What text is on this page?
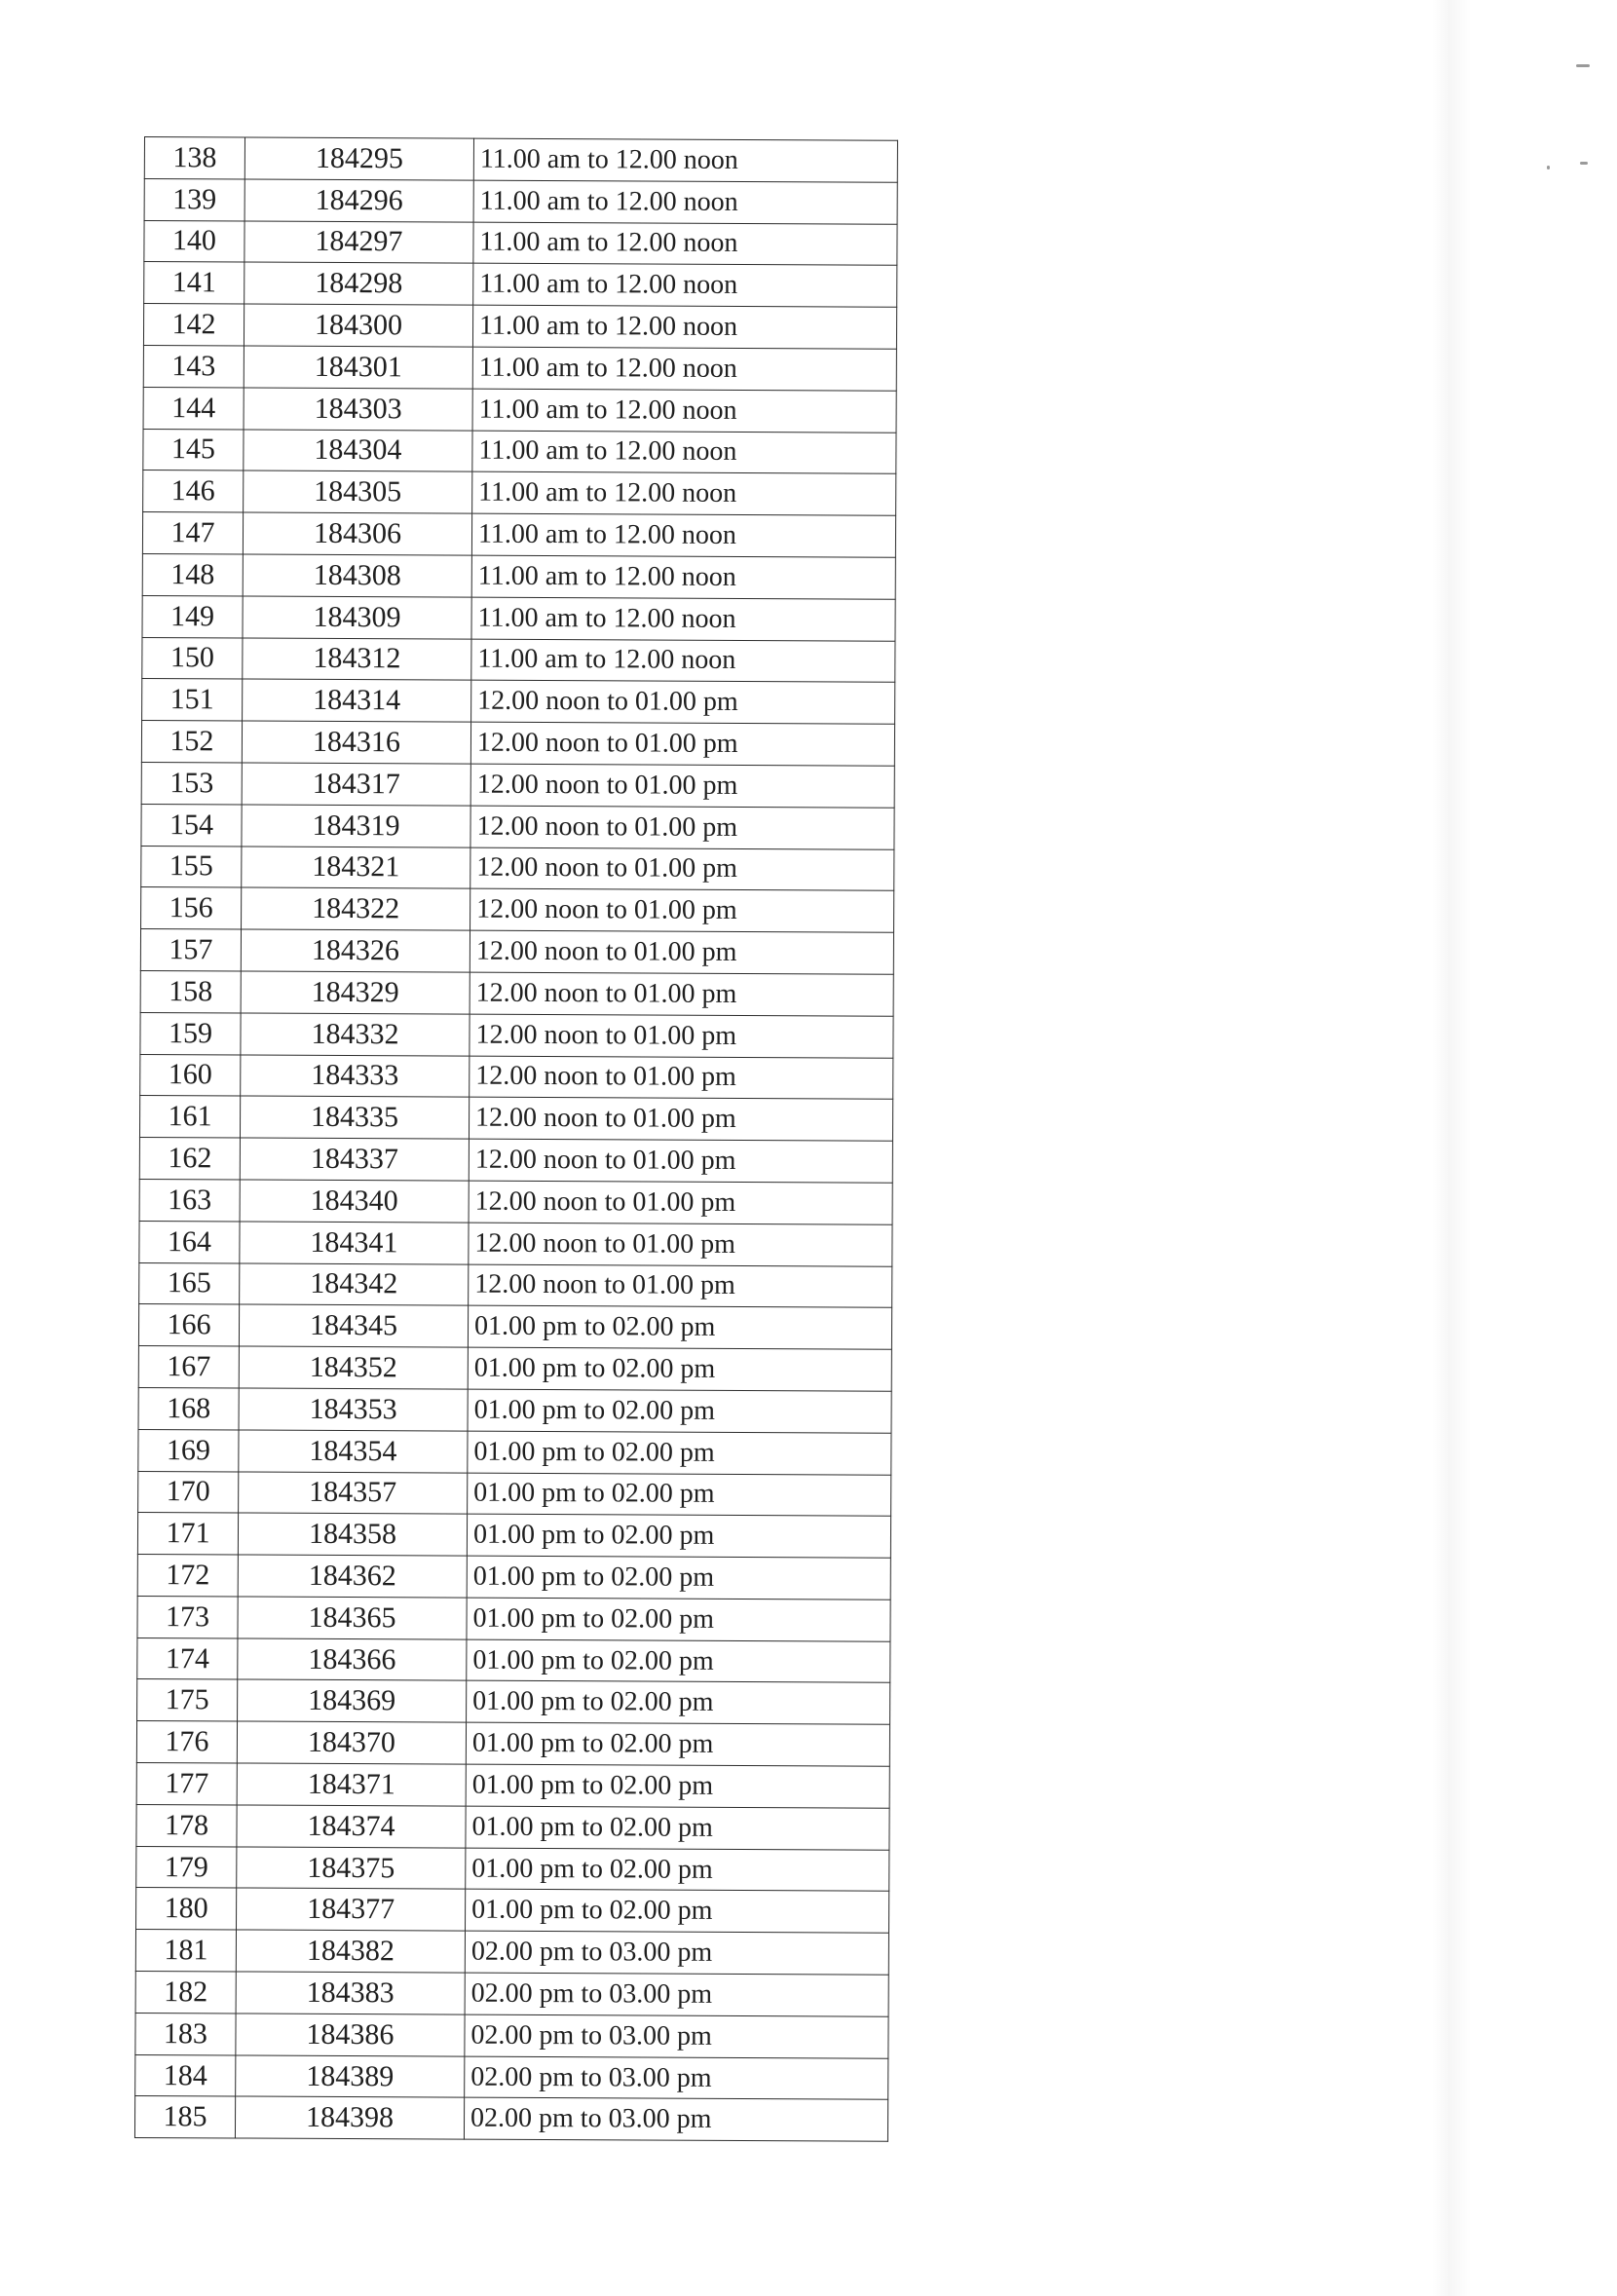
138	184295	11.00 am to 12.00 noon
139	184296	11.00 am to 12.00 noon
140	184297	11.00 am to 12.00 noon
141	184298	11.00 am to 12.00 noon
142	184300	11.00 am to 12.00 noon
143	184301	11.00 am to 12.00 noon
144	184303	11.00 am to 12.00 noon
145	184304	11.00 am to 12.00 noon
146	184305	11.00 am to 12.00 noon
147	184306	11.00 am to 12.00 noon
148	184308	11.00 am to 12.00 noon
149	184309	11.00 am to 12.00 noon
150	184312	11.00 am to 12.00 noon
151	184314	12.00 noon to 01.00 pm
152	184316	12.00 noon to 01.00 pm
153	184317	12.00 noon to 01.00 pm
154	184319	12.00 noon to 01.00 pm
155	184321	12.00 noon to 01.00 pm
156	184322	12.00 noon to 01.00 pm
157	184326	12.00 noon to 01.00 pm
158	184329	12.00 noon to 01.00 pm
159	184332	12.00 noon to 01.00 pm
160	184333	12.00 noon to 01.00 pm
161	184335	12.00 noon to 01.00 pm
162	184337	12.00 noon to 01.00 pm
163	184340	12.00 noon to 01.00 pm
164	184341	12.00 noon to 01.00 pm
165	184342	12.00 noon to 01.00 pm
166	184345	01.00 pm to 02.00 pm
167	184352	01.00 pm to 02.00 pm
168	184353	01.00 pm to 02.00 pm
169	184354	01.00 pm to 02.00 pm
170	184357	01.00 pm to 02.00 pm
171	184358	01.00 pm to 02.00 pm
172	184362	01.00 pm to 02.00 pm
173	184365	01.00 pm to 02.00 pm
174	184366	01.00 pm to 02.00 pm
175	184369	01.00 pm to 02.00 pm
176	184370	01.00 pm to 02.00 pm
177	184371	01.00 pm to 02.00 pm
178	184374	01.00 pm to 02.00 pm
179	184375	01.00 pm to 02.00 pm
180	184377	01.00 pm to 02.00 pm
181	184382	02.00 pm to 03.00 pm
182	184383	02.00 pm to 03.00 pm
183	184386	02.00 pm to 03.00 pm
184	184389	02.00 pm to 03.00 pm
185	184398	02.00 pm to 03.00 pm
